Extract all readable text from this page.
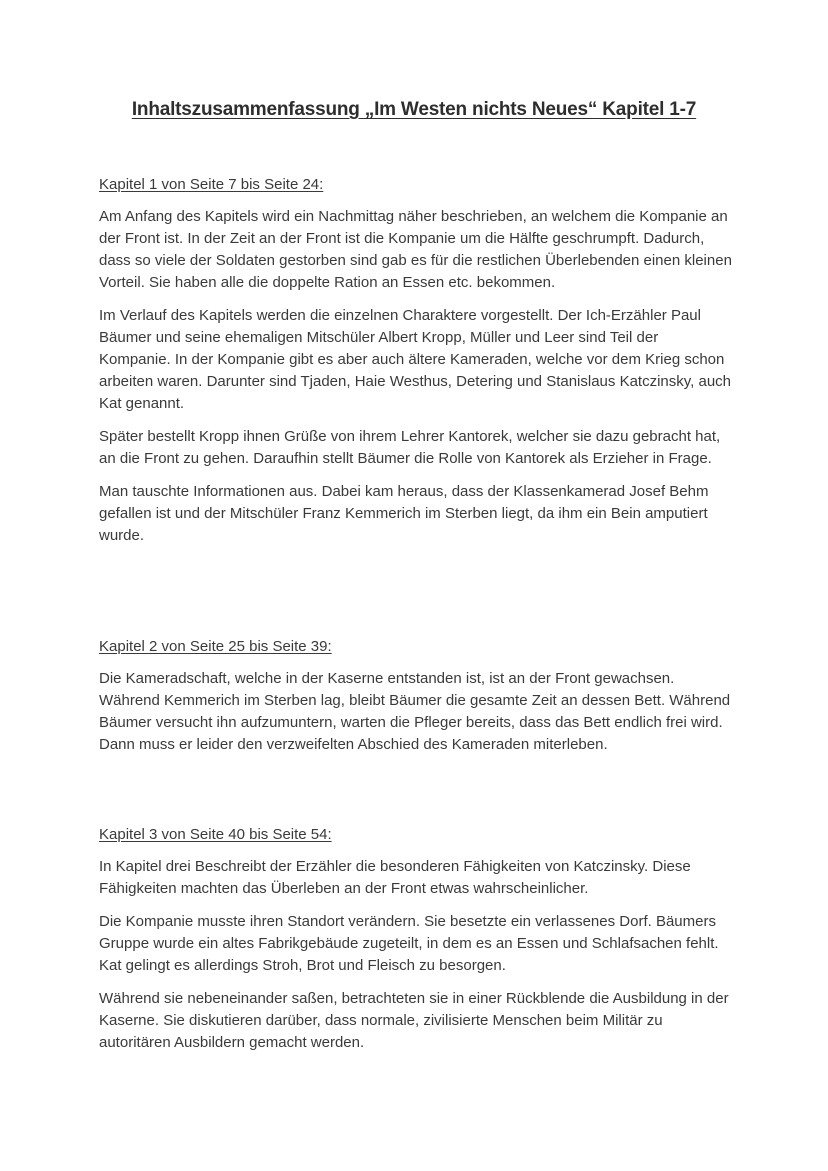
Inhaltszusammenfassung „Im Westen nichts Neues“ Kapitel 1-7

Kapitel 1 von Seite 7 bis Seite 24:

Am Anfang des Kapitels wird ein Nachmittag näher beschrieben, an welchem die Kompanie an der Front ist. In der Zeit an der Front ist die Kompanie um die Hälfte geschrumpft. Dadurch, dass so viele der Soldaten gestorben sind gab es für die restlichen Überlebenden einen kleinen Vorteil. Sie haben alle die doppelte Ration an Essen etc. bekommen.

Im Verlauf des Kapitels werden die einzelnen Charaktere vorgestellt. Der Ich-Erzähler Paul Bäumer und seine ehemaligen Mitschüler Albert Kropp, Müller und Leer sind Teil der Kompanie. In der Kompanie gibt es aber auch ältere Kameraden, welche vor dem Krieg schon arbeiten waren. Darunter sind Tjaden, Haie Westhus, Detering und Stanislaus Katczinsky, auch Kat genannt.

Später bestellt Kropp ihnen Grüße von ihrem Lehrer Kantorek, welcher sie dazu gebracht hat, an die Front zu gehen. Daraufhin stellt Bäumer die Rolle von Kantorek als Erzieher in Frage.

Man tauschte Informationen aus. Dabei kam heraus, dass der Klassenkamerad Josef Behm gefallen ist und der Mitschüler Franz Kemmerich im Sterben liegt, da ihm ein Bein amputiert wurde.

Kapitel 2 von Seite 25 bis Seite 39:

Die Kameradschaft, welche in der Kaserne entstanden ist, ist an der Front gewachsen. Während Kemmerich im Sterben lag, bleibt Bäumer die gesamte Zeit an dessen Bett. Während Bäumer versucht ihn aufzumuntern, warten die Pfleger bereits, dass das Bett endlich frei wird. Dann muss er leider den verzweifelten Abschied des Kameraden miterleben.

Kapitel 3 von Seite 40 bis Seite 54:

In Kapitel drei Beschreibt der Erzähler die besonderen Fähigkeiten von Katczinsky. Diese Fähigkeiten machten das Überleben an der Front etwas wahrscheinlicher.

Die Kompanie musste ihren Standort verändern. Sie besetzte ein verlassenes Dorf. Bäumers Gruppe wurde ein altes Fabrikgebäude zugeteilt, in dem es an Essen und Schlafsachen fehlt. Kat gelingt es allerdings Stroh, Brot und Fleisch zu besorgen.

Während sie nebeneinander saßen, betrachteten sie in einer Rückblende die Ausbildung in der Kaserne. Sie diskutieren darüber, dass normale, zivilisierte Menschen beim Militär zu autoritären Ausbildern gemacht werden.
